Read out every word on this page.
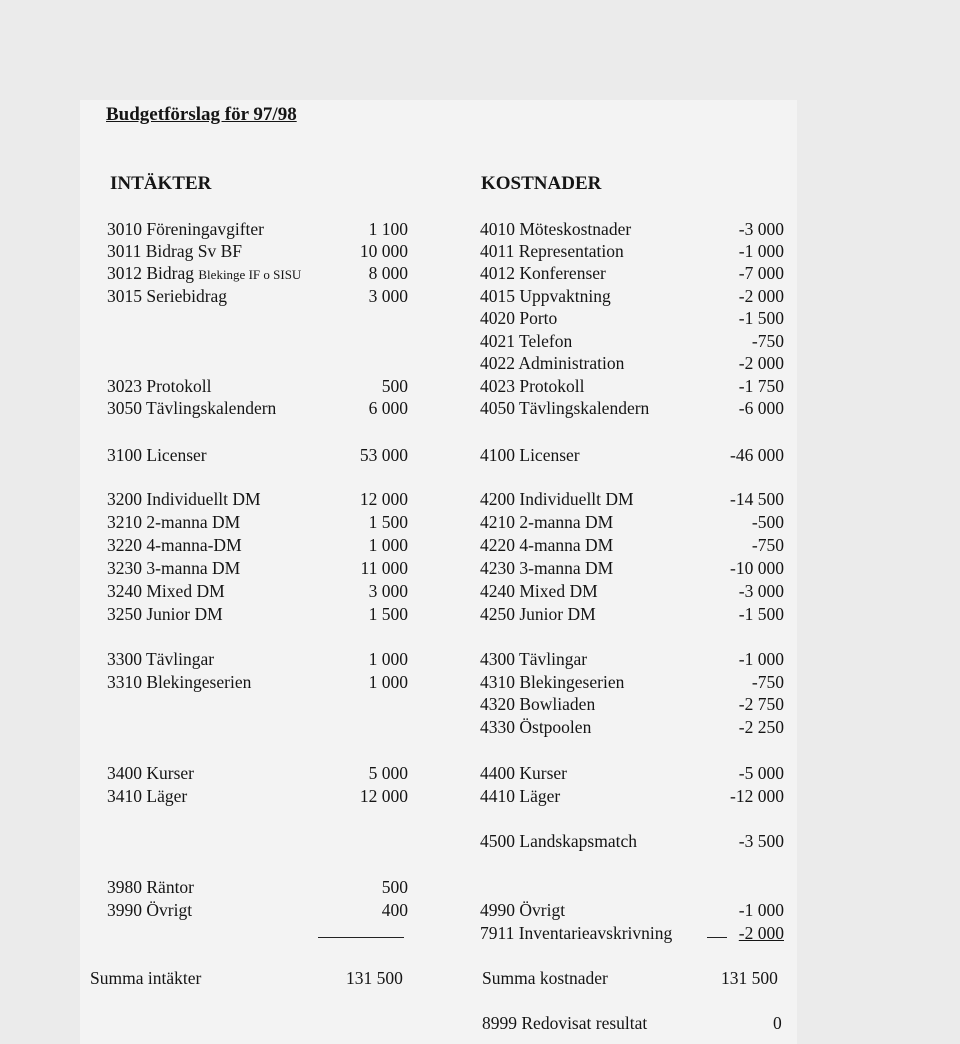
Budgetförslag för 97/98
INTÄKTER	KOSTNADER
3010 Föreningavgifter	1 100
3011 Bidrag Sv BF	10 000
3012 Bidrag Blekinge IF o SISU	8 000
3015 Seriebidrag	3 000
3023 Protokoll	500
3050 Tävlingskalendern	6 000
3100 Licenser	53 000
3200 Individuellt DM	12 000
3210 2-manna DM	1 500
3220 4-manna-DM	1 000
3230 3-manna DM	11 000
3240 Mixed DM	3 000
3250 Junior DM	1 500
3300 Tävlingar	1 000
3310 Blekingeserien	1 000
3400 Kurser	5 000
3410 Läger	12 000
3980 Räntor	500
3990 Övrigt	400
Summa intäkter	131 500
4010 Möteskostnader	-3 000
4011 Representation	-1 000
4012 Konferenser	-7 000
4015 Uppvaktning	-2 000
4020 Porto	-1 500
4021 Telefon	-750
4022 Administration	-2 000
4023 Protokoll	-1 750
4050 Tävlingskalendern	-6 000
4100 Licenser	-46 000
4200 Individuellt DM	-14 500
4210 2-manna DM	-500
4220 4-manna DM	-750
4230 3-manna DM	-10 000
4240 Mixed DM	-3 000
4250 Junior DM	-1 500
4300 Tävlingar	-1 000
4310 Blekingeserien	-750
4320 Bowliaden	-2 750
4330 Östpoolen	-2 250
4400 Kurser	-5 000
4410 Läger	-12 000
4500 Landskapsmatch	-3 500
4990 Övrigt	-1 000
7911 Inventarieavskrivning	-2 000
Summa kostnader	131 500
8999 Redovisat resultat	0
